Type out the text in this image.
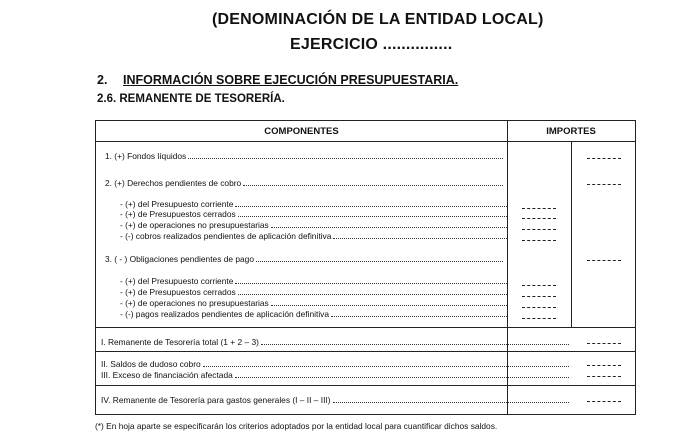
(DENOMINACIÓN DE LA ENTIDAD LOCAL)
EJERCICIO ...............
2. INFORMACIÓN SOBRE EJECUCIÓN PRESUPUESTARIA.
2.6. REMANENTE DE TESORERÍA.
COMPONENTES	IMPORTES
1. (+) Fondos líquidos
2. (+) Derechos pendientes de cobro
- (+) del Presupuesto corriente
- (+) de Presupuestos cerrados
- (+) de operaciones no presupuestarias
- (-) cobros realizados pendientes de aplicación definitiva
3. ( - ) Obligaciones pendientes de pago
- (+) del Presupuesto corriente
- (+) de Presupuestos cerrados
- (+) de operaciones no presupuestarias
- (-) pagos realizados pendientes de aplicación definitiva
I. Remanente de Tesorería total (1 + 2 – 3)
II. Saldos de dudoso cobro
III. Exceso de financiación afectada
IV. Remanente de Tesorería para gastos generales (I – II – III)
(*) En hoja aparte se especificarán los criterios adoptados por la entidad local para cuantificar dichos saldos.
